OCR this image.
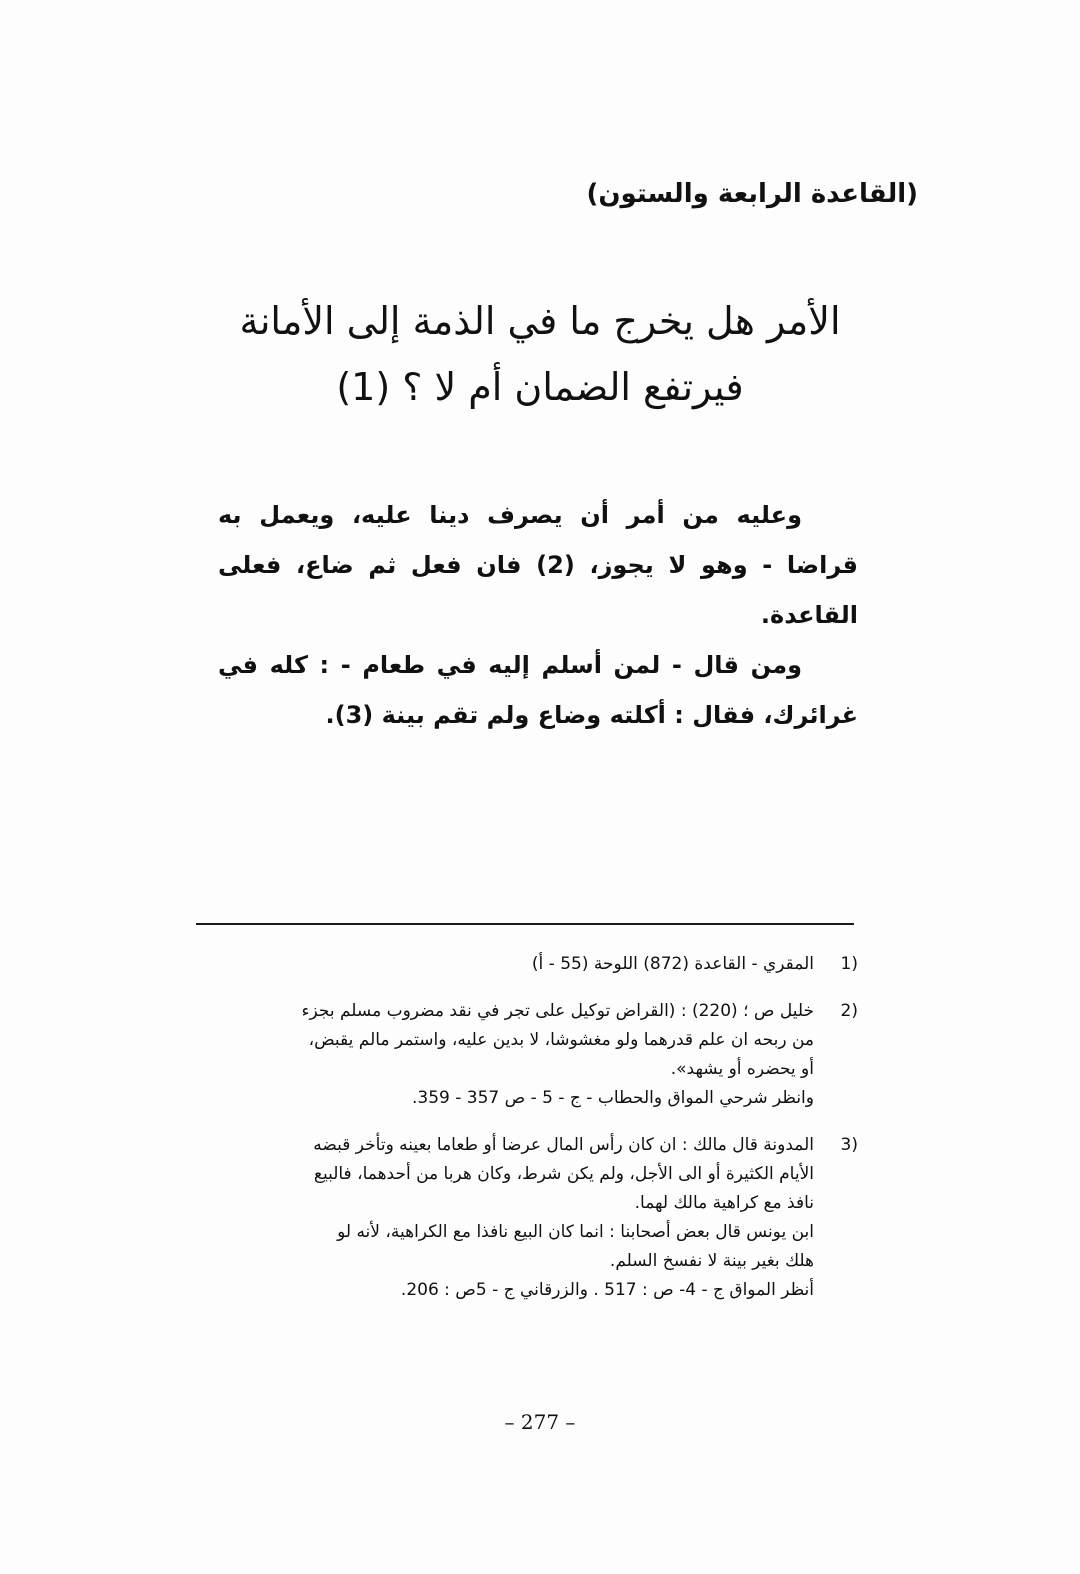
(القاعدة الرابعة والستون)
الأمر هل يخرج ما في الذمة إلى الأمانة
فيرتفع الضمان أم لا ؟ (1)

وعليه من أمر أن يصرف دينا عليه، ويعمل به قراضا - وهو لا يجوز، (2) فان فعل ثم ضاع، فعلى القاعدة.

ومن قال - لمن أسلم إليه في طعام - : كله في غرائرك، فقال : أكلته وضاع ولم تقم بينة (3).

1)
المقري - القاعدة (872) اللوحة (55 - أ)
2)
خليل ص ؛ (220) : (القراض توكيل على تجر في نقد مضروب مسلم بجزء
من ربحه ان علم قدرهما ولو مغشوشا، لا بدين عليه، واستمر مالم يقبض،
أو يحضره أو يشهد».
وانظر شرحي المواق والحطاب - ج - 5 - ص 357 - 359.
3)
المدونة قال مالك : ان كان رأس المال عرضا أو طعاما بعينه وتأخر قبضه
الأيام الكثيرة أو الى الأجل، ولم يكن شرط، وكان هربا من أحدهما، فالبيع
نافذ مع كراهية مالك لهما.
ابن يونس قال بعض أصحابنا : انما كان البيع نافذا مع الكراهية، لأنه لو
هلك بغير بينة لا نفسخ السلم.
أنظر المواق ج - 4- ص : 517 . والزرقاني ج - 5ص : 206.
– 277 –
